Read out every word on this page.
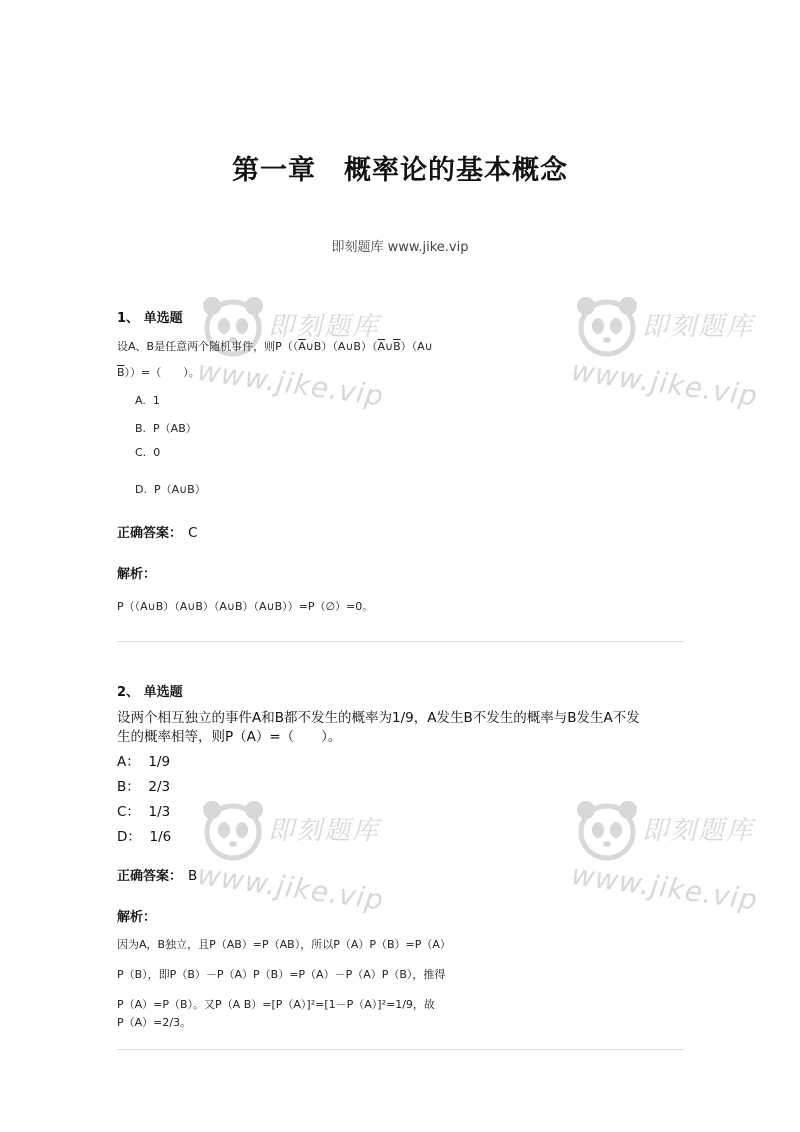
第一章　概率论的基本概念
即刻题库 www.jike.vip
即刻题库
www.jike.vip
即刻题库
www.jike.vip
即刻题库
www.jike.vip
即刻题库
www.jike.vip
1、 单选题
设A、B是任意两个随机事件，则$P((\overline{A}\cup B)(A\cup B)(\overline{A}\cup\overline{B})(A\cup$
$\overline{B}))=$（　　）。
A. 1
B. P（AB）
C. 0
D. P（A∪B）
正确答案： C
解析：
P（（A∪B）（A∪B）（A∪B）（A∪B））=P（∅）=0。
2、 单选题
设两个相互独立的事件A和B都不发生的概率为1/9，A发生B不发生的概率与B发生A不发
生的概率相等，则P（A）=（　　）。
A： 1/9
B： 2/3
C： 1/3
D： 1/6
正确答案： B
解析：
因为A，B独立，且P（AB）=P（AB），所以P（A）P（B）=P（A）
P（B），即P（B）－P（A）P（B）=P（A）－P（A）P（B），推得
P（A）=P（B）。又P（A B）=[P（A）]²=[1－P（A）]²=1/9，故
P（A）=2/3。
